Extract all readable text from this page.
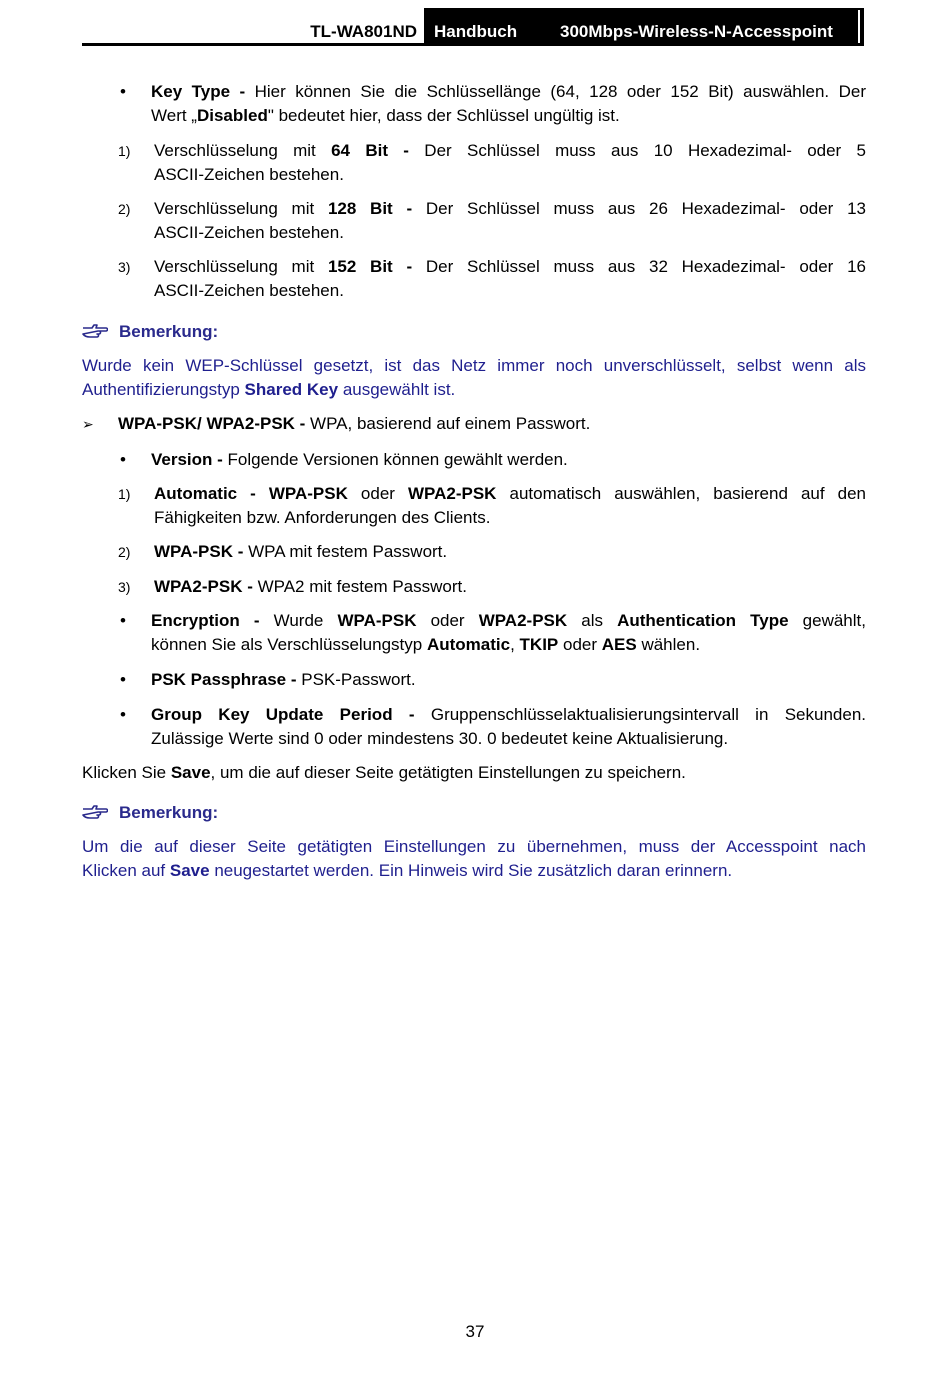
TL-WA801ND Handbuch	300Mbps-Wireless-N-Accesspoint
• Key Type - Hier können Sie die Schlüssellänge (64, 128 oder 152 Bit) auswählen. Der
Wert „Disabled" bedeutet hier, dass der Schlüssel ungültig ist.
1) Verschlüsselung mit 64 Bit - Der Schlüssel muss aus 10 Hexadezimal- oder 5
ASCII-Zeichen bestehen.
2) Verschlüsselung mit 128 Bit - Der Schlüssel muss aus 26 Hexadezimal- oder 13
ASCII-Zeichen bestehen.
3) Verschlüsselung mit 152 Bit - Der Schlüssel muss aus 32 Hexadezimal- oder 16
ASCII-Zeichen bestehen.
Bemerkung:
Wurde kein WEP-Schlüssel gesetzt, ist das Netz immer noch unverschlüsselt, selbst wenn als
Authentifizierungstyp Shared Key ausgewählt ist.
➢ WPA-PSK/ WPA2-PSK - WPA, basierend auf einem Passwort.
• Version - Folgende Versionen können gewählt werden.
1) Automatic - WPA-PSK oder WPA2-PSK automatisch auswählen, basierend auf den
Fähigkeiten bzw. Anforderungen des Clients.
2) WPA-PSK - WPA mit festem Passwort.
3) WPA2-PSK - WPA2 mit festem Passwort.
• Encryption - Wurde WPA-PSK oder WPA2-PSK als Authentication Type gewählt,
können Sie als Verschlüsselungstyp Automatic, TKIP oder AES wählen.
• PSK Passphrase - PSK-Passwort.
• Group Key Update Period - Gruppenschlüsselaktualisierungsintervall in Sekunden.
Zulässige Werte sind 0 oder mindestens 30. 0 bedeutet keine Aktualisierung.
Klicken Sie Save, um die auf dieser Seite getätigten Einstellungen zu speichern.
Bemerkung:
Um die auf dieser Seite getätigten Einstellungen zu übernehmen, muss der Accesspoint nach
Klicken auf Save neugestartet werden. Ein Hinweis wird Sie zusätzlich daran erinnern.
37
